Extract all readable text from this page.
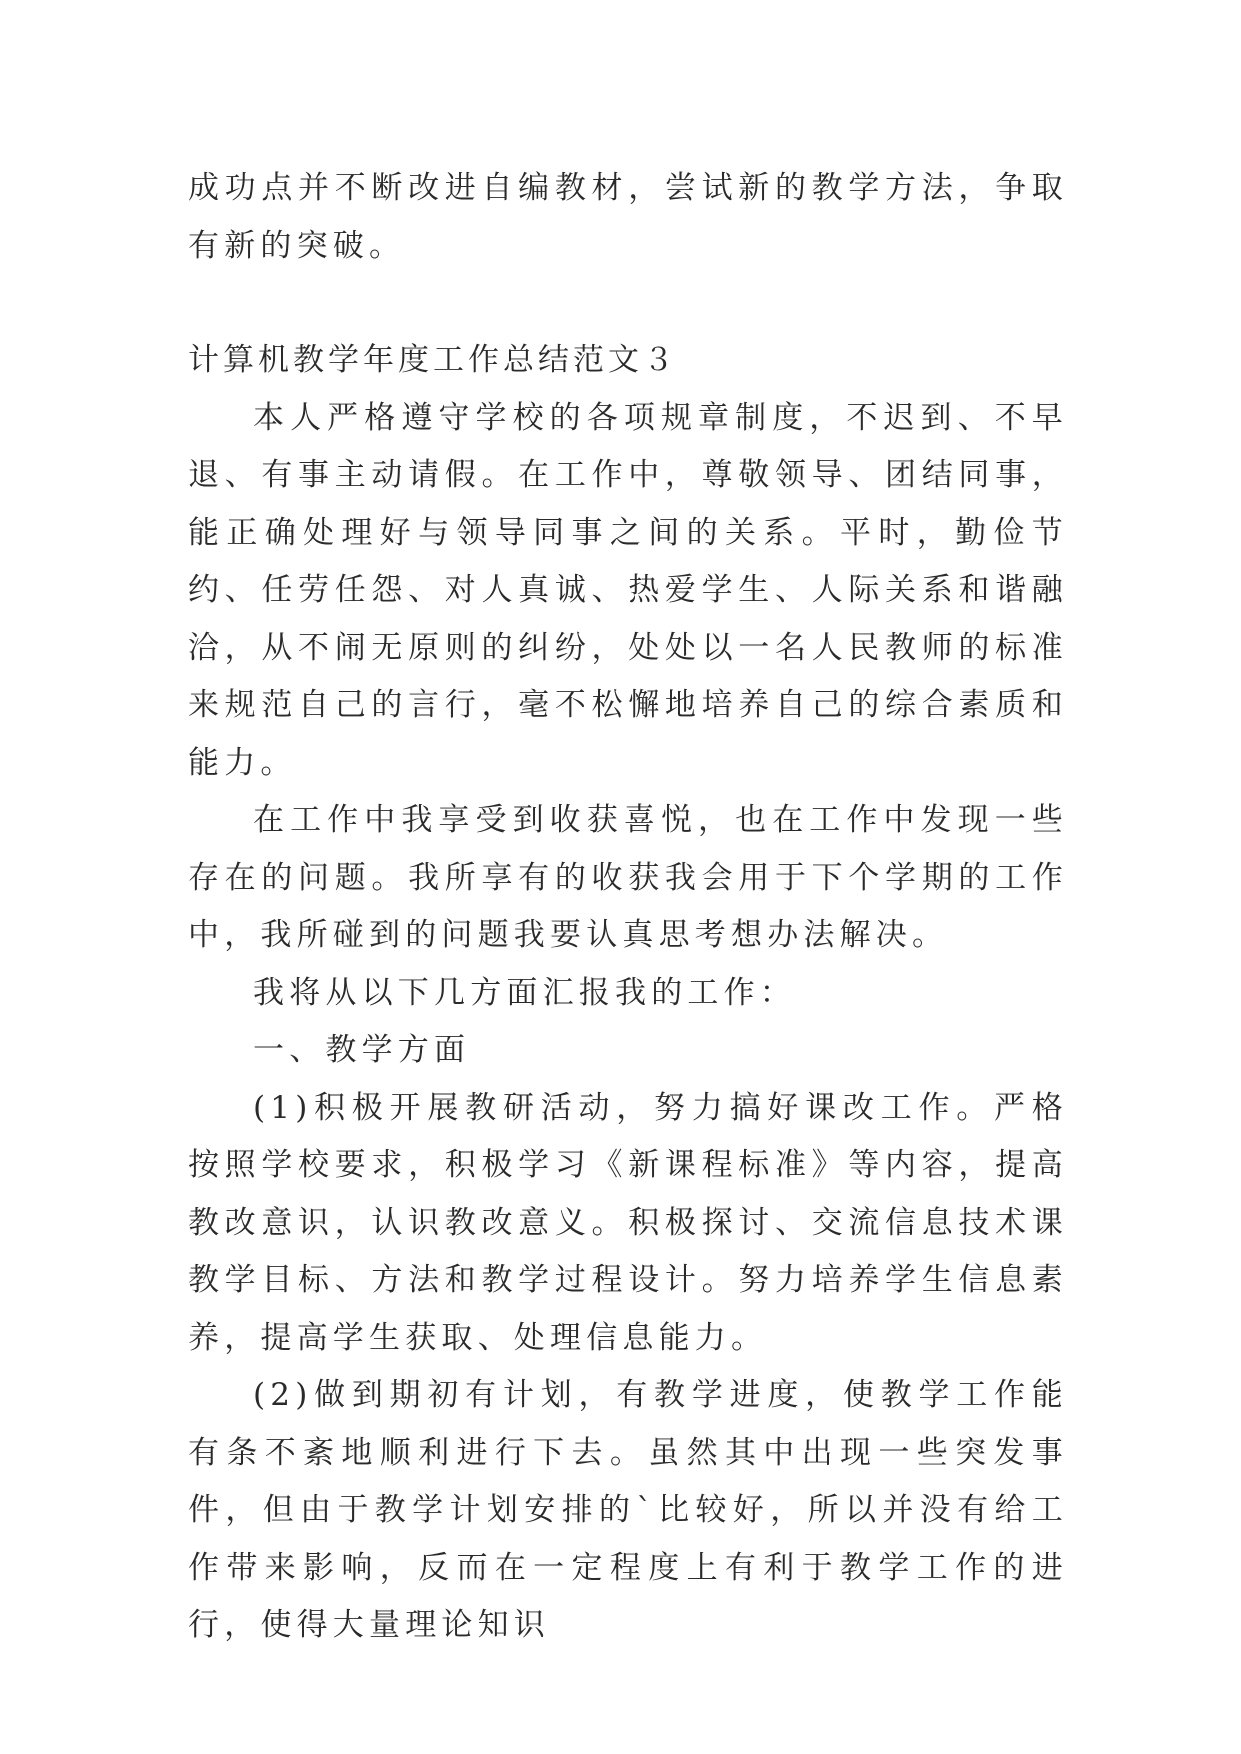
成功点并不断改进自编教材，尝试新的教学方法，争取有新的突破。

计算机教学年度工作总结范文３

本人严格遵守学校的各项规章制度，不迟到、不早退、有事主动请假。在工作中，尊敬领导、团结同事，能正确处理好与领导同事之间的关系。平时，勤俭节约、任劳任怨、对人真诚、热爱学生、人际关系和谐融洽，从不闹无原则的纠纷，处处以一名人民教师的标准来规范自己的言行，毫不松懈地培养自己的综合素质和能力。

在工作中我享受到收获喜悦，也在工作中发现一些存在的问题。我所享有的收获我会用于下个学期的工作中，我所碰到的问题我要认真思考想办法解决。

我将从以下几方面汇报我的工作：

一、教学方面

(1)积极开展教研活动，努力搞好课改工作。严格按照学校要求，积极学习《新课程标准》等内容，提高教改意识，认识教改意义。积极探讨、交流信息技术课教学目标、方法和教学过程设计。努力培养学生信息素养，提高学生获取、处理信息能力。

(2)做到期初有计划，有教学进度，使教学工作能有条不紊地顺利进行下去。虽然其中出现一些突发事件，但由于教学计划安排的`比较好，所以并没有给工作带来影响，反而在一定程度上有利于教学工作的进行，使得大量理论知识
